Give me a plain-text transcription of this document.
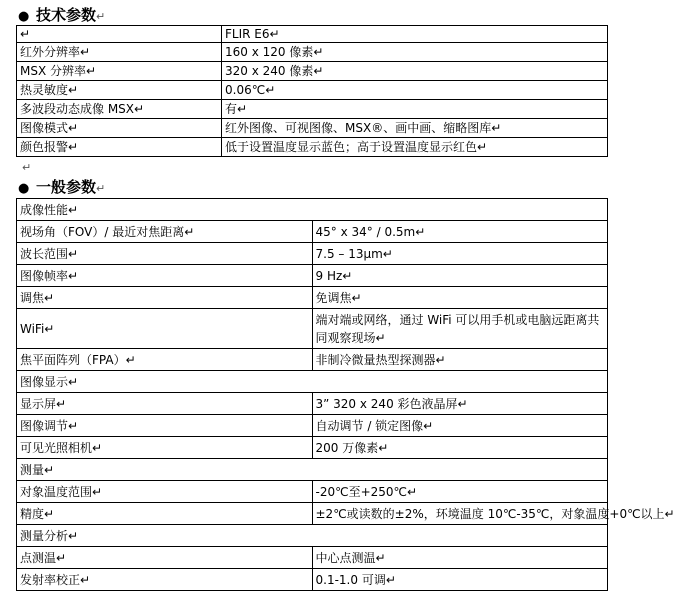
● 技术参数↵
↵	FLIR E6↵
红外分辨率↵	160 x 120 像素↵
MSX 分辨率↵	320 x 240 像素↵
热灵敏度↵	0.06℃↵
多波段动态成像 MSX↵	有↵
图像模式↵	红外图像、可视图像、MSX®、画中画、缩略图库↵
颜色报警↵	低于设置温度显示蓝色；高于设置温度显示红色↵
↵
● 一般参数↵
成像性能↵	
视场角（FOV）/ 最近对焦距离↵	45° x 34° / 0.5m↵
波长范围↵	7.5 – 13μm↵
图像帧率↵	9 Hz↵
调焦↵	免调焦↵
WiFi↵	端对端或网络，通过 WiFi 可以用手机或电脑远距离共同观察现场↵
焦平面阵列（FPA）↵	非制冷微量热型探测器↵
图像显示↵	
显示屏↵	3” 320 x 240 彩色液晶屏↵
图像调节↵	自动调节 / 锁定图像↵
可见光照相机↵	200 万像素↵
测量↵	
对象温度范围↵	-20℃至+250℃↵
精度↵	±2℃或读数的±2%，环境温度 10℃-35℃，对象温度+0℃以上↵
测量分析↵	
点测温↵	中心点测温↵
发射率校正↵	0.1-1.0 可调↵
